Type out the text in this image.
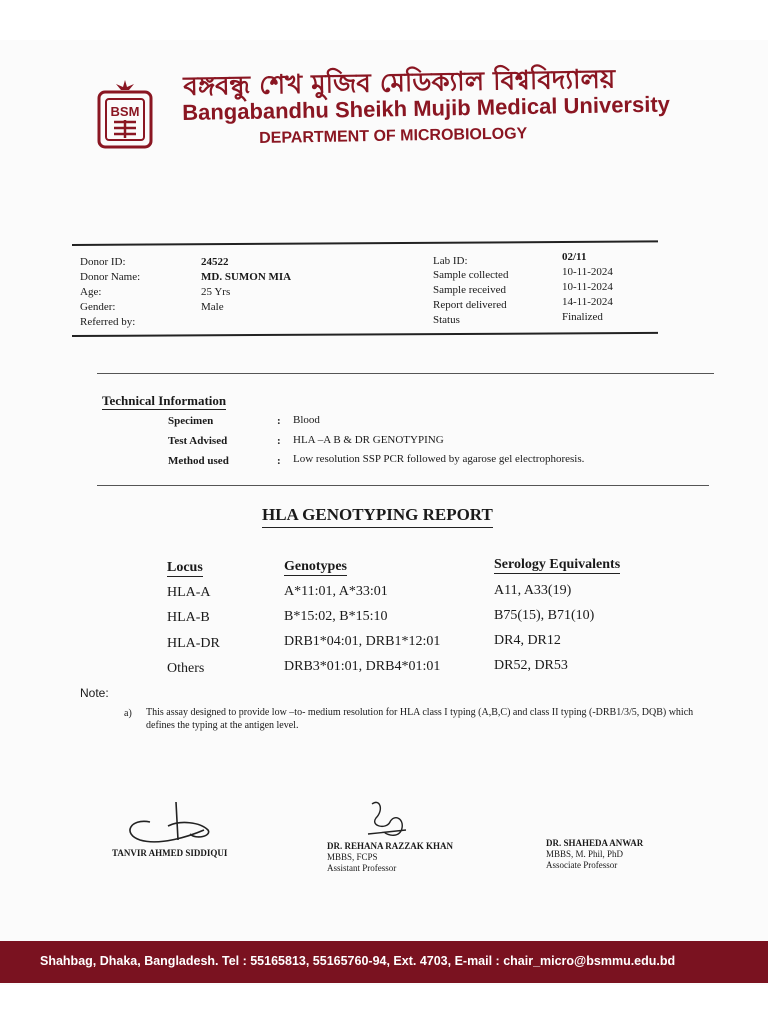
BSM
বঙ্গবন্ধু শেখ মুজিব মেডিক্যাল বিশ্ববিদ্যালয়
Bangabandhu Sheikh Mujib Medical University
DEPARTMENT OF MICROBIOLOGY
Donor ID:	24522
Donor Name:	MD. SUMON MIA
Age:	25 Yrs
Gender:	Male
Referred by:
Lab ID:	02/11
Sample collected	10-11-2024
Sample received	10-11-2024
Report delivered	14-11-2024
Status	Finalized
Technical Information
Specimen	: Blood
Test Advised	: HLA –A B & DR GENOTYPING
Method used	: Low resolution SSP PCR followed by agarose gel electrophoresis.
HLA GENOTYPING REPORT
Locus	Genotypes	Serology Equivalents
HLA-A	A*11:01, A*33:01	A11, A33(19)
HLA-B	B*15:02, B*15:10	B75(15), B71(10)
HLA-DR	DRB1*04:01, DRB1*12:01	DR4, DR12
Others	DRB3*01:01, DRB4*01:01	DR52, DR53
Note:
a) This assay designed to provide low –to- medium resolution for HLA class I typing (A,B,C) and class II typing (-DRB1/3/5, DQB) which defines the typing at the antigen level.
TANVIR AHMED SIDDIQUI
DR. REHANA RAZZAK KHAN
MBBS, FCPS
Assistant Professor
DR. SHAHEDA ANWAR
MBBS, M. Phil, PhD
Associate Professor
Shahbag, Dhaka, Bangladesh. Tel : 55165813, 55165760-94, Ext. 4703, E-mail : chair_micro@bsmmu.edu.bd
